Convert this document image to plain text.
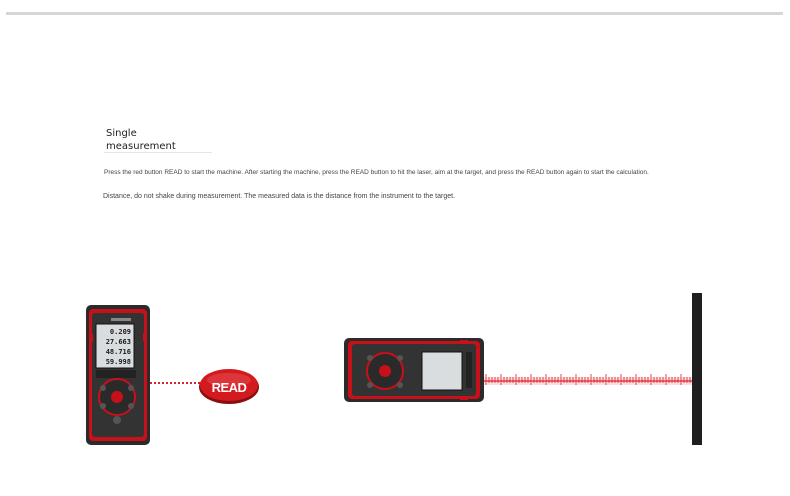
Single
measurement
Press the red button READ to start the machine. After starting the machine, press the READ button to hit the laser, aim at the target, and press the READ button again to start the calculation.
Distance, do not shake during measurement. The measured data is the distance from the instrument to the target.
0.209
27.663
48.716
59.998
READ
